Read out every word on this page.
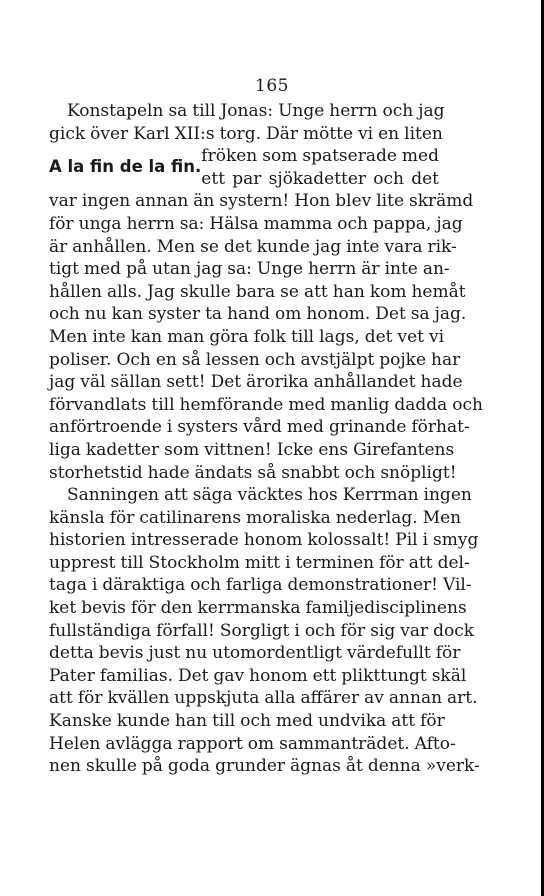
165
Konstapeln sa till Jonas: Unge herrn och jag
gick över Karl XII:s torg. Där mötte vi en liten
A la fin de la fin.
fröken som spatserade med
ett par sjökadetter och det
var ingen annan än systern! Hon blev lite skrämd
för unga herrn sa: Hälsa mamma och pappa, jag
är anhållen. Men se det kunde jag inte vara rik-
tigt med på utan jag sa: Unge herrn är inte an-
hållen alls. Jag skulle bara se att han kom hemåt
och nu kan syster ta hand om honom. Det sa jag.
Men inte kan man göra folk till lags, det vet vi
poliser. Och en så lessen och avstjälpt pojke har
jag väl sällan sett! Det ärorika anhållandet hade
förvandlats till hemförande med manlig dadda och
anförtroende i systers vård med grinande förhat-
liga kadetter som vittnen! Icke ens Girefantens
storhetstid hade ändats så snabbt och snöpligt!
Sanningen att säga väcktes hos Kerrman ingen
känsla för catilinarens moraliska nederlag. Men
historien intresserade honom kolossalt! Pil i smyg
upprest till Stockholm mitt i terminen för att del-
taga i däraktiga och farliga demonstrationer! Vil-
ket bevis för den kerrmanska familjedisciplinens
fullständiga förfall! Sorgligt i och för sig var dock
detta bevis just nu utomordentligt värdefullt för
Pater familias. Det gav honom ett plikttungt skäl
att för kvällen uppskjuta alla affärer av annan art.
Kanske kunde han till och med undvika att för
Helen avlägga rapport om sammanträdet. Afto-
nen skulle på goda grunder ägnas åt denna »verk-
